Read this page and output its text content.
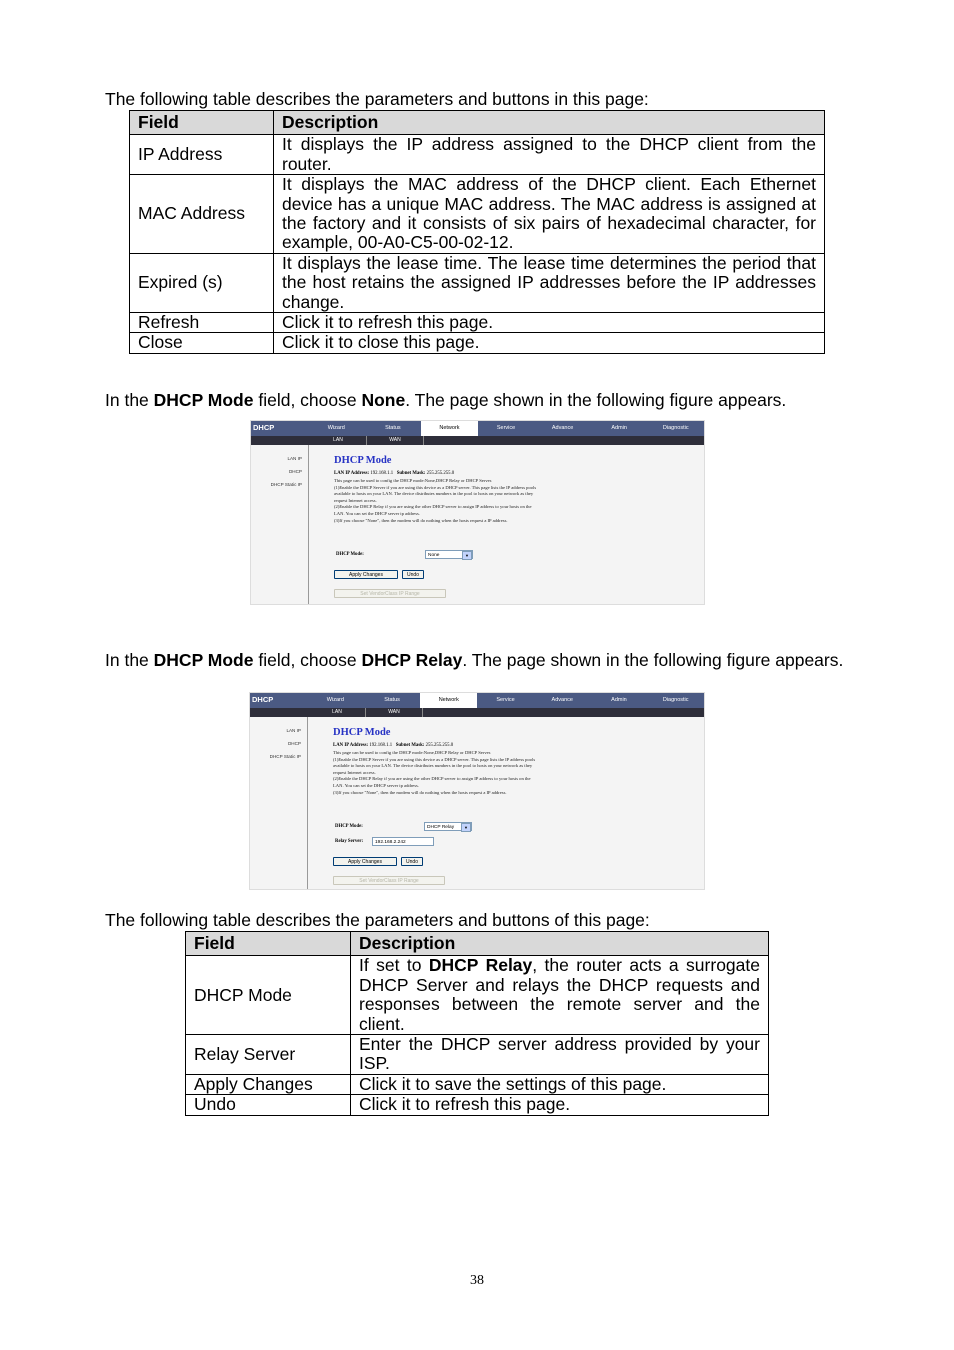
The following table describes the parameters and buttons in this page:
Field	Description
IP Address	It displays the IP address assigned to the DHCP client from the router.
MAC Address	It displays the MAC address of the DHCP client. Each Ethernet device has a unique MAC address. The MAC address is assigned at the factory and it consists of six pairs of hexadecimal character, for example, 00-A0-C5-00-02-12.
Expired (s)	It displays the lease time. The lease time determines the period that the host retains the assigned IP addresses before the IP addresses change.
Refresh	Click it to refresh this page.
Close	Click it to close this page.
In the DHCP Mode field, choose None. The page shown in the following figure appears.
DHCP	Wizard	Status	Network	Service	Advance	Admin	Diagnostic
LAN	WAN
LAN IP
DHCP
DHCP Static IP
DHCP Mode
LAN IP Address: 192.168.1.1 Subnet Mask: 255.255.255.0
This page can be used to config the DHCP mode:None,DHCP Relay or DHCP Server.
(1)Enable the DHCP Server if you are using this device as a DHCP server. This page lists the IP address pools
available to hosts on your LAN. The device distributes numbers in the pool to hosts on your network as they
request Internet access.
(2)Enable the DHCP Relay if you are using the other DHCP server to assign IP address to your hosts on the
LAN. You can set the DHCP server ip address.
(3)If you choose "None", then the modem will do nothing when the hosts request a IP address.
DHCP Mode:	None	▼
Apply Changes	Undo
Set VendorClass IP Range
In the DHCP Mode field, choose DHCP Relay. The page shown in the following figure appears.
DHCP	Wizard	Status	Network	Service	Advance	Admin	Diagnostic
LAN	WAN
LAN IP
DHCP
DHCP Static IP
DHCP Mode
LAN IP Address: 192.168.1.1 Subnet Mask: 255.255.255.0
This page can be used to config the DHCP mode:None,DHCP Relay or DHCP Server.
(1)Enable the DHCP Server if you are using this device as a DHCP server. This page lists the IP address pools
available to hosts on your LAN. The device distributes numbers in the pool to hosts on your network as they
request Internet access.
(2)Enable the DHCP Relay if you are using the other DHCP server to assign IP address to your hosts on the
LAN. You can set the DHCP server ip address.
(3)If you choose "None", then the modem will do nothing when the hosts request a IP address.
DHCP Mode:	DHCP Relay	▼
Relay Server:	192.168.2.242
Apply Changes	Undo
Set VendorClass IP Range
The following table describes the parameters and buttons of this page:
Field	Description
DHCP Mode	If set to DHCP Relay, the router acts a surrogate DHCP Server and relays the DHCP requests and responses between the remote server and the client.
Relay Server	Enter the DHCP server address provided by your ISP.
Apply Changes	Click it to save the settings of this page.
Undo	Click it to refresh this page.
38
